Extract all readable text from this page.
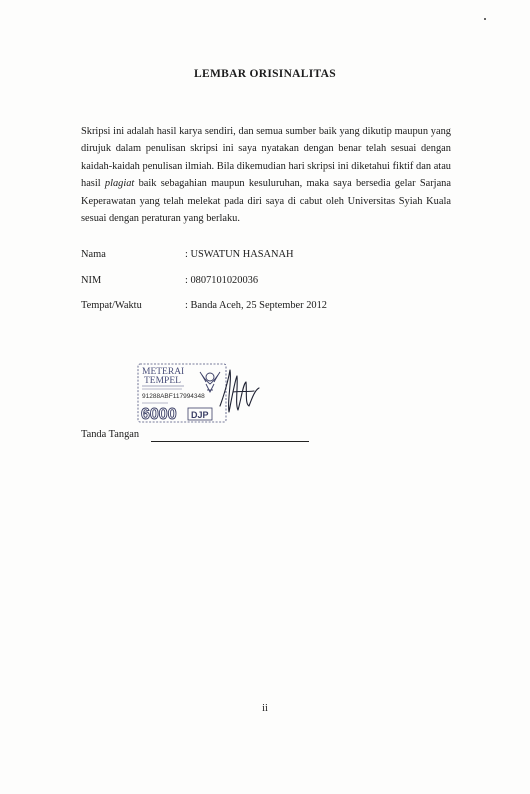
LEMBAR ORISINALITAS

Skripsi ini adalah hasil karya sendiri, dan semua sumber baik yang dikutip maupun yang dirujuk dalam penulisan skripsi ini saya nyatakan dengan benar telah sesuai dengan kaidah-kaidah penulisan ilmiah. Bila dikemudian hari skripsi ini diketahui fiktif dan atau hasil plagiat baik sebagahian maupun kesuluruhan, maka saya bersedia gelar Sarjana Keperawatan yang telah melekat pada diri saya di cabut oleh Universitas Syiah Kuala sesuai dengan peraturan yang berlaku.

Nama	: USWATUN HASANAH
NIM	: 0807101020036
Tempat/Waktu	: Banda Aceh, 25 September 2012
METERAI
TEMPEL
91288ABF117994348
6000 DJP
Tanda Tangan
ii
